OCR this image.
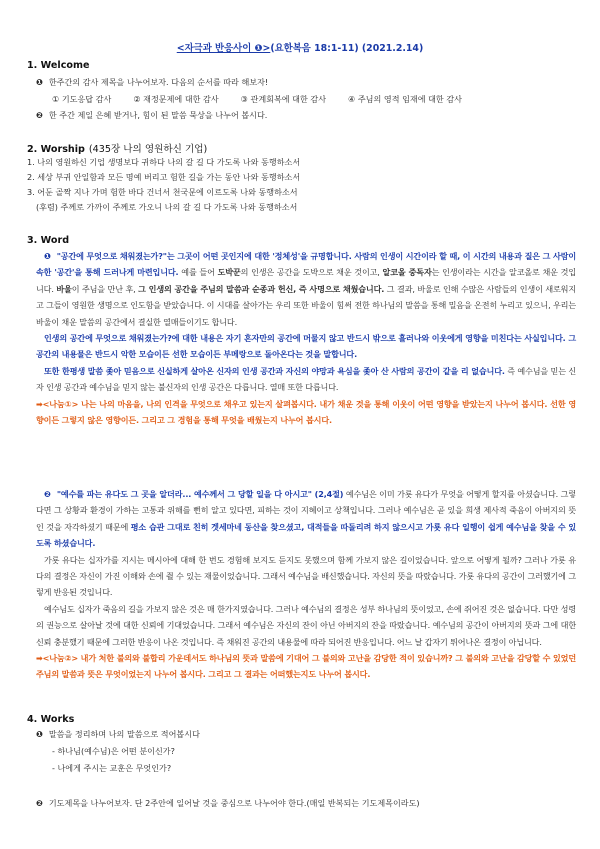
<자극과 반응사이 ❶>(요한복음 18:1-11) (2021.2.14)
1. Welcome
❶ 한주간의 감사 제목을 나누어보자. 다음의 순서를 따라 해보자!
① 기도응답 감사	② 재정문제에 대한 감사	③ 관계회복에 대한 감사	④ 주님의 영적 임재에 대한 감사
❷ 한 주간 제일 은혜 받거나, 힘이 된 말씀 묵상을 나누어 봅시다.
2. Worship (435장 나의 영원하신 기업)
1. 나의 영원하신 기업 생명보다 귀하다 나의 갈 길 다 가도록 나와 동행하소서
2. 세상 부귀 안일함과 모든 명예 버리고 험한 길을 가는 동안 나와 동행하소서
3. 어둔 골짝 지나 가며 험한 바다 건너서 천국문에 이르도록 나와 동행하소서
(후렴) 주께로 가까이 주께로 가오니 나의 갈 길 다 가도록 나와 동행하소서
3. Word

❶ "공간에 무엇으로 채워졌는가?"는 그곳이 어떤 곳인지에 대한 '정체성'을 규명합니다. 사람의 인생이 시간이라 할 때, 이 시간의 내용과 질은 그 사람이 속한 '공간'을 통해 드러나게 마련입니다. 예를 들어 도박꾼의 인생은 공간을 도박으로 채운 것이고, 알코올 중독자는 인생이라는 시간을 알코올로 채운 것입니다. 바울이 주님을 만난 후, 그 인생의 공간을 주님의 말씀과 순종과 헌신, 즉 사명으로 채웠습니다. 그 결과, 바울로 인해 수많은 사람들의 인생이 새로워지고 그들이 영원한 생명으로 인도함을 받았습니다. 이 시대를 살아가는 우리 또한 바울이 힘써 전한 하나님의 말씀을 통해 밀음을 온전히 누리고 있으니, 우리는 바울이 채운 말씀의 공간에서 결실한 열매들이기도 합니다.

인생의 공간에 무엇으로 채워졌는가?에 대한 내용은 자기 혼자만의 공간에 머물지 않고 반드시 밖으로 흘러나와 이웃에게 영향을 미친다는 사실입니다. 그 공간의 내용물은 반드시 악한 모습이든 선한 모습이든 부메랑으로 돌아온다는 것을 말합니다.

또한 한평생 말씀 좇아 믿음으로 신실하게 살아온 신자의 인생 공간과 자신의 야망과 욕심을 좇아 산 사람의 공간이 같을 리 없습니다. 즉 예수님을 믿는 신자 인생 공간과 예수님을 믿지 않는 불신자의 인생 공간은 다릅니다. 열매 또한 다릅니다.

➡<나눔①> 나는 나의 마음을, 나의 인격을 무엇으로 채우고 있는지 살펴봅시다. 내가 채운 것을 통해 이웃이 어떤 영향을 받았는지 나누어 봅시다. 선한 영향이든 그렇지 않은 영향이든. 그리고 그 경험을 통해 무엇을 배웠는지 나누어 봅시다.

❷ "예수를 파는 유다도 그 곳을 알더라... 예수께서 그 당할 일을 다 아시고" (2,4절) 예수님은 이미 가룟 유다가 무엇을 어떻게 할지를 아셨습니다. 그렇다면 그 상황과 환경이 가하는 고통과 위해를 뻔히 알고 있다면, 피하는 것이 지혜이고 상책입니다. 그러나 예수님은 곧 있을 희생 제사적 죽음이 아버지의 뜻인 것을 자각하셨기 때문에 평소 습관 그대로 친히 겟세마네 동산을 찾으셨고, 대적들을 따돌리려 하지 않으시고 가룟 유다 일행이 쉽게 예수님을 찾을 수 있도록 하셨습니다.

가룟 유다는 십자가를 지시는 메시아에 대해 한 번도 경험해 보지도 듣지도 못했으며 함께 가보지 않은 길이었습니다. 앞으로 어떻게 될까? 그러나 가룟 유다의 결정은 자신이 가진 이해와 손에 쥘 수 있는 재물이었습니다. 그래서 예수님을 배신했습니다. 자신의 뜻을 따랐습니다. 가룟 유다의 공간이 그러했기에 그렇게 반응된 것입니다.

예수님도 십자가 죽음의 길을 가보지 않은 것은 매 한가지였습니다. 그러나 예수님의 결정은 성부 하나님의 뜻이었고, 손에 쥐어진 것은 없습니다. 다만 성령의 권능으로 살아날 것에 대한 신뢰에 기대었습니다. 그래서 예수님은 자신의 잔이 아닌 아버지의 잔을 따랐습니다. 예수님의 공간이 아버지의 뜻과 그에 대한 신뢰 충분했기 때문에 그러한 반응이 나온 것입니다. 즉 채워진 공간의 내용물에 따라 되어진 반응입니다. 어느 날 갑자기 튀어나온 결정이 아닙니다.

➡<나눔②> 내가 처한 불의와 불합리 가운데서도 하나님의 뜻과 말씀에 기대어 그 불의와 고난을 감당한 적이 있습니까? 그 불의와 고난을 감당할 수 있었던 주님의 말씀과 뜻은 무엇이었는지 나누어 봅시다. 그리고 그 결과는 어떠했는지도 나누어 봅시다.

4. Works
❶ 말씀을 정리하며 나의 말씀으로 적어봅시다
- 하나님(예수님)은 어떤 분이신가?
- 나에게 주시는 교훈은 무엇인가?
❷ 기도제목을 나누어보자. 단 2주안에 일어날 것을 중심으로 나누어야 한다.(매일 반복되는 기도제목이라도)
